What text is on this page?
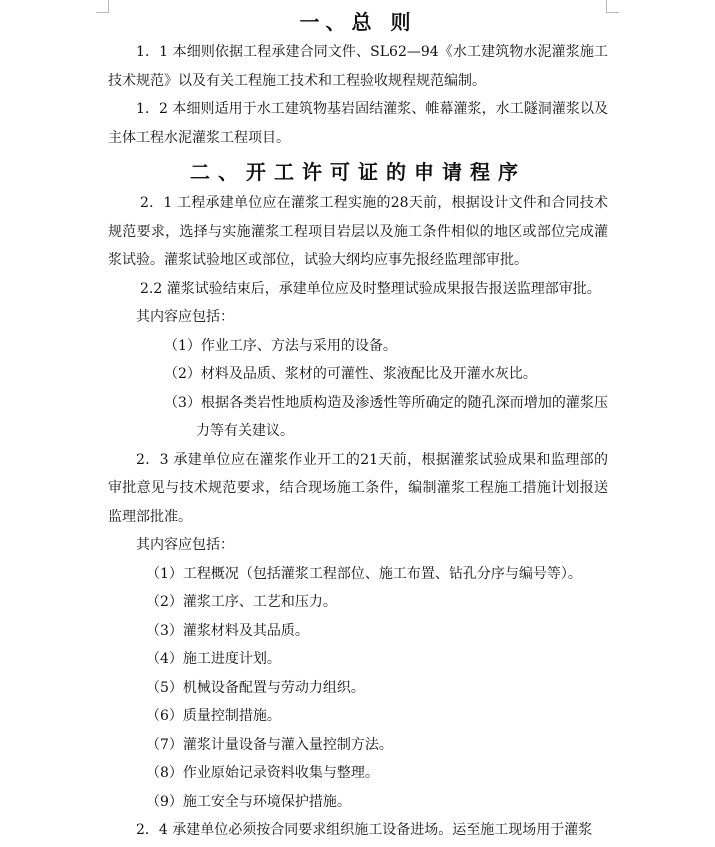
一、总 则
1．1 本细则依据工程承建合同文件、SL62—94《水工建筑物水泥灌浆施工技术规范》以及有关工程施工技术和工程验收规程规范编制。
1．2 本细则适用于水工建筑物基岩固结灌浆、帷幕灌浆，水工隧洞灌浆以及主体工程水泥灌浆工程项目。
二、开工许可证的申请程序
2．1 工程承建单位应在灌浆工程实施的28天前，根据设计文件和合同技术规范要求，选择与实施灌浆工程项目岩层以及施工条件相似的地区或部位完成灌浆试验。灌浆试验地区或部位，试验大纲均应事先报经监理部审批。
2.2 灌浆试验结束后，承建单位应及时整理试验成果报告报送监理部审批。
其内容应包括：
（1）作业工序、方法与采用的设备。
（2）材料及品质、浆材的可灌性、浆液配比及开灌水灰比。
（3）根据各类岩性地质构造及渗透性等所确定的随孔深而增加的灌浆压力等有关建议。
2．3 承建单位应在灌浆作业开工的21天前，根据灌浆试验成果和监理部的审批意见与技术规范要求，结合现场施工条件，编制灌浆工程施工措施计划报送监理部批准。
其内容应包括：
（1）工程概况（包括灌浆工程部位、施工布置、钻孔分序与编号等）。
（2）灌浆工序、工艺和压力。
（3）灌浆材料及其品质。
（4）施工进度计划。
（5）机械设备配置与劳动力组织。
（6）质量控制措施。
（7）灌浆计量设备与灌入量控制方法。
（8）作业原始记录资料收集与整理。
（9）施工安全与环境保护措施。
2．4 承建单位必须按合同要求组织施工设备进场。运至施工现场用于灌浆
